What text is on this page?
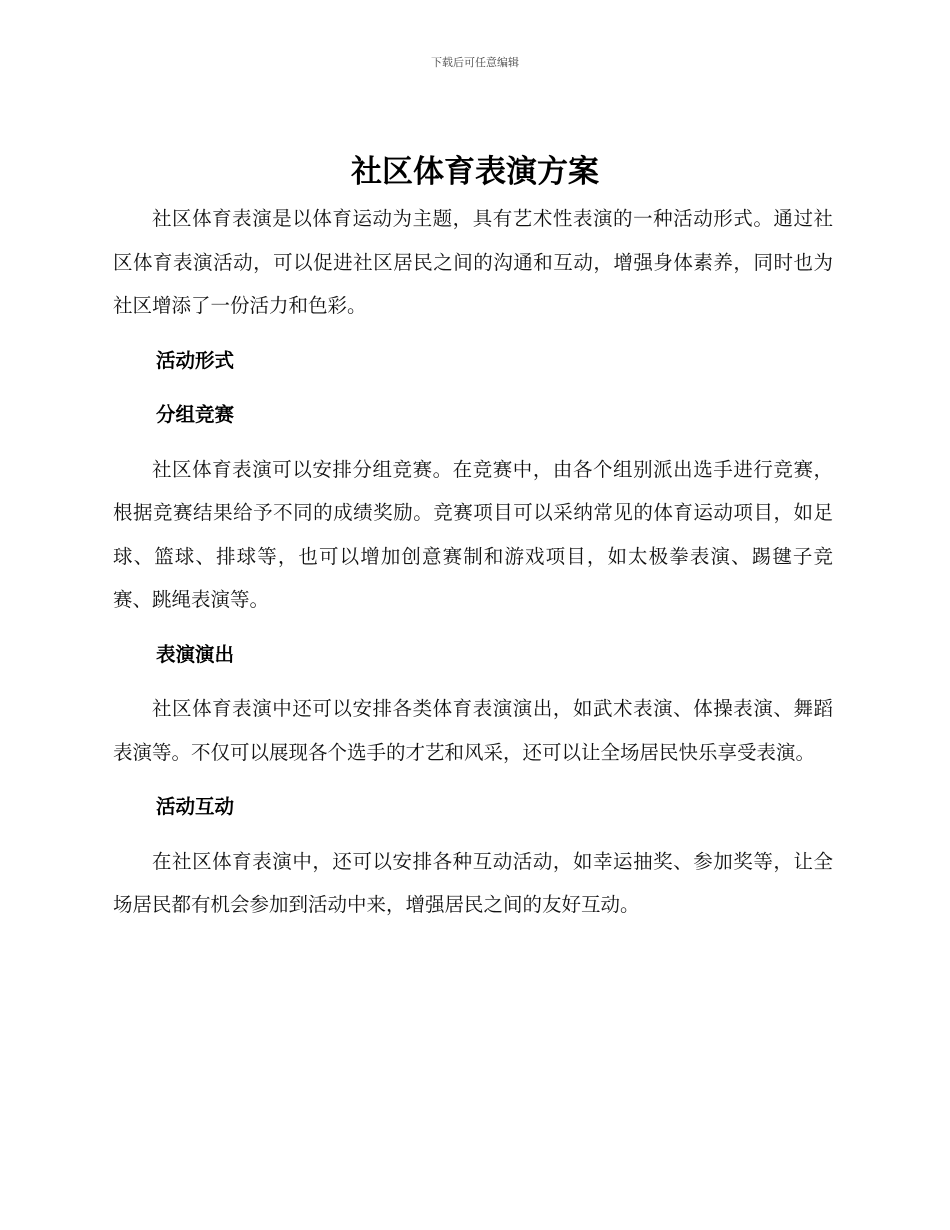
下载后可任意编辑
社区体育表演方案

社区体育表演是以体育运动为主题，具有艺术性表演的一种活动形式。通过社区体育表演活动，可以促进社区居民之间的沟通和互动，增强身体素养，同时也为社区增添了一份活力和色彩。

活动形式

分组竞赛

社区体育表演可以安排分组竞赛。在竞赛中，由各个组别派出选手进行竞赛，根据竞赛结果给予不同的成绩奖励。竞赛项目可以采纳常见的体育运动项目，如足球、篮球、排球等，也可以增加创意赛制和游戏项目，如太极拳表演、踢毽子竞赛、跳绳表演等。

表演演出

社区体育表演中还可以安排各类体育表演演出，如武术表演、体操表演、舞蹈表演等。不仅可以展现各个选手的才艺和风采，还可以让全场居民快乐享受表演。

活动互动

在社区体育表演中，还可以安排各种互动活动，如幸运抽奖、参加奖等，让全场居民都有机会参加到活动中来，增强居民之间的友好互动。
